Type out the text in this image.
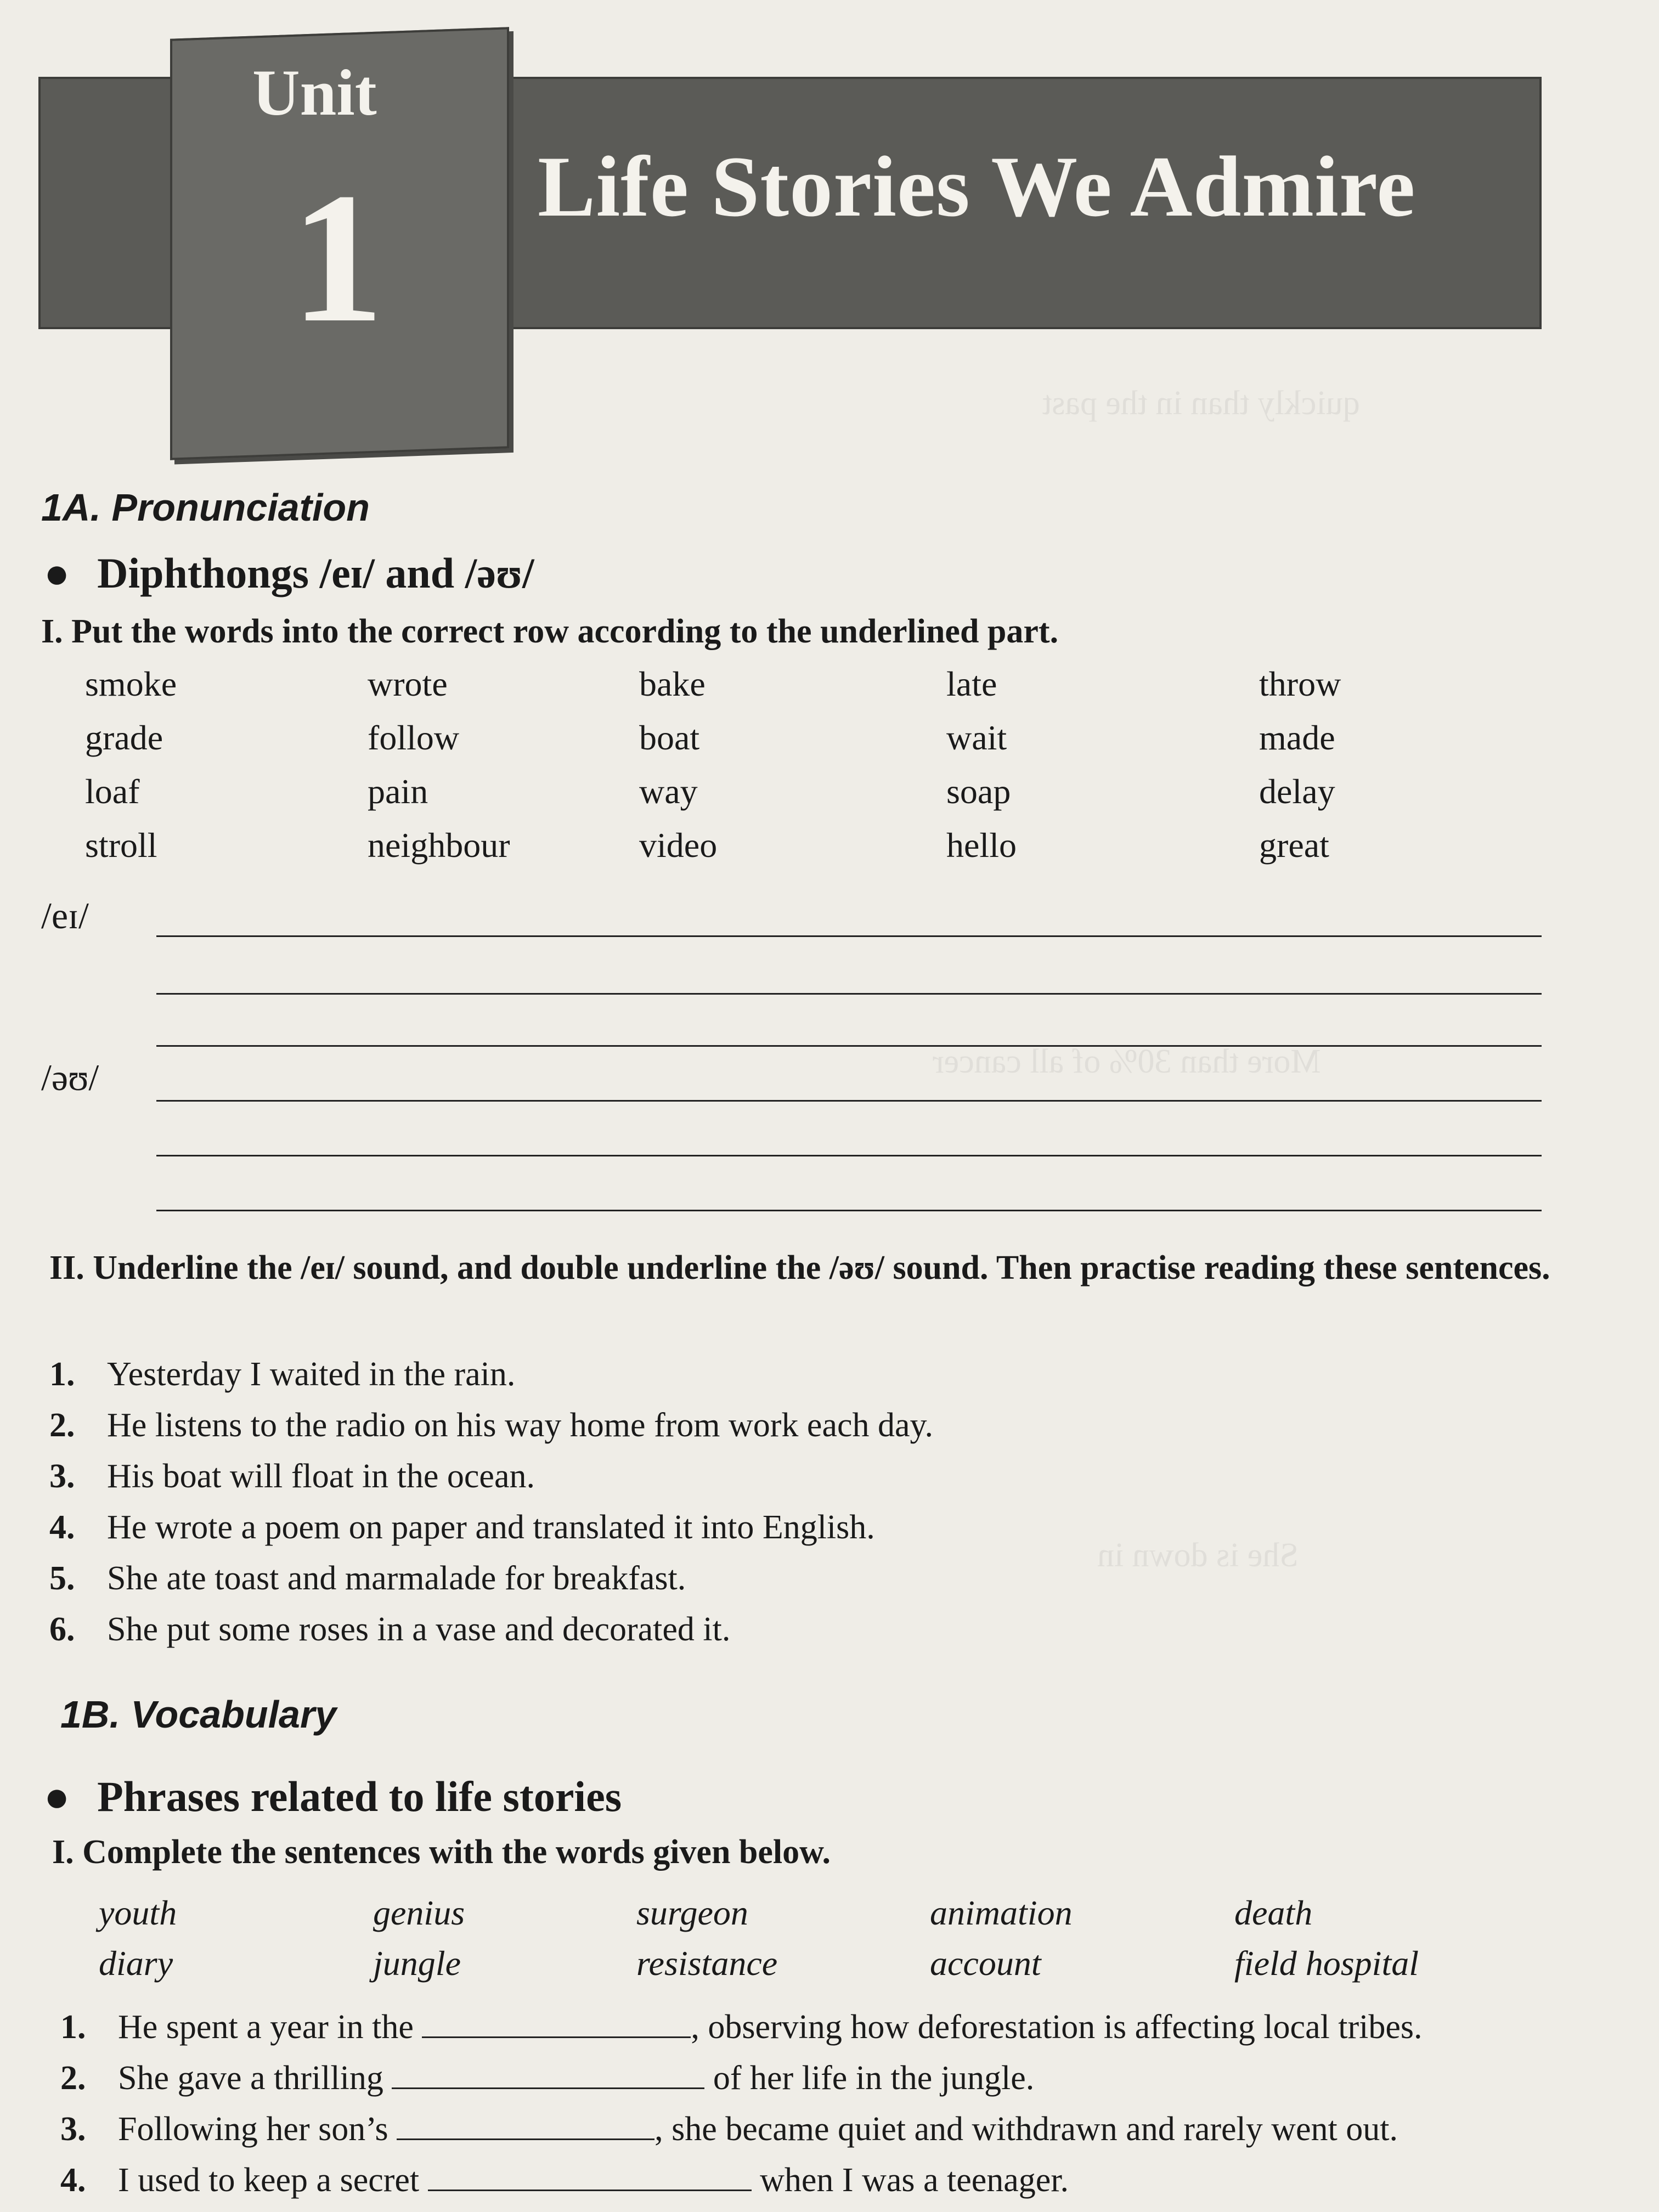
quickly than in the past
More than 30% of all cancer
She is down in
Unit
1 Life Stories We Admire
1A. Pronunciation
● Diphthongs /eɪ/ and /əʊ/
I. Put the words into the correct row according to the underlined part.
smoke	wrote	bake	late	throw
grade	follow	boat	wait	made
loaf	pain	way	soap	delay
stroll	neighbour	video	hello	great
/eɪ/
/əʊ/
II. Underline the /eɪ/ sound, and double underline the /əʊ/ sound. Then practise reading these sentences.
1. Yesterday I waited in the rain.
2. He listens to the radio on his way home from work each day.
3. His boat will float in the ocean.
4. He wrote a poem on paper and translated it into English.
5. She ate toast and marmalade for breakfast.
6. She put some roses in a vase and decorated it.
1B. Vocabulary
● Phrases related to life stories
I. Complete the sentences with the words given below.
youth	genius	surgeon	animation	death
diary	jungle	resistance	account	field hospital
1. He spent a year in the	, observing how deforestation is affecting local tribes.
2. She gave a thrilling	of her life in the jungle.
3. Following her son’s	, she became quiet and withdrawn and rarely went out.
4. I used to keep a secret	when I was a teenager.
